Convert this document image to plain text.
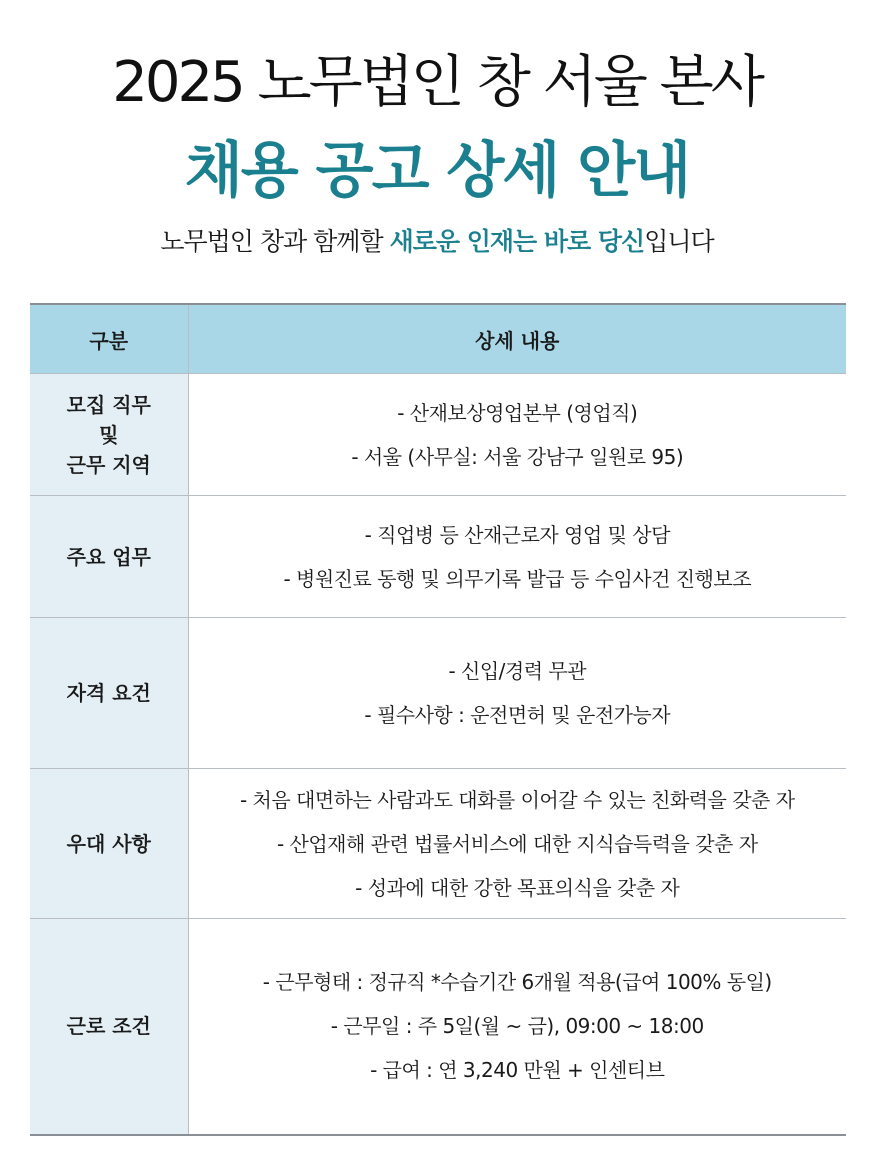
2025 노무법인 창 서울 본사
채용 공고 상세 안내
노무법인 창과 함께할 새로운 인재는 바로 당신입니다
구분	상세 내용

모집 직무
및
근무 지역	- 산재보상영업본부 (영업직)
- 서울 (사무실: 서울 강남구 일원로 95)

주요 업무	- 직업병 등 산재근로자 영업 및 상담
- 병원진료 동행 및 의무기록 발급 등 수임사건 진행보조

자격 요건	- 신입/경력 무관
- 필수사항 : 운전면허 및 운전가능자

우대 사항	- 처음 대면하는 사람과도 대화를 이어갈 수 있는 친화력을 갖춘 자
- 산업재해 관련 법률서비스에 대한 지식습득력을 갖춘 자
- 성과에 대한 강한 목표의식을 갖춘 자

근로 조건	- 근무형태 : 정규직 *수습기간 6개월 적용(급여 100% 동일)
- 근무일 : 주 5일(월 ~ 금), 09:00 ~ 18:00
- 급여 : 연 3,240 만원 + 인센티브
